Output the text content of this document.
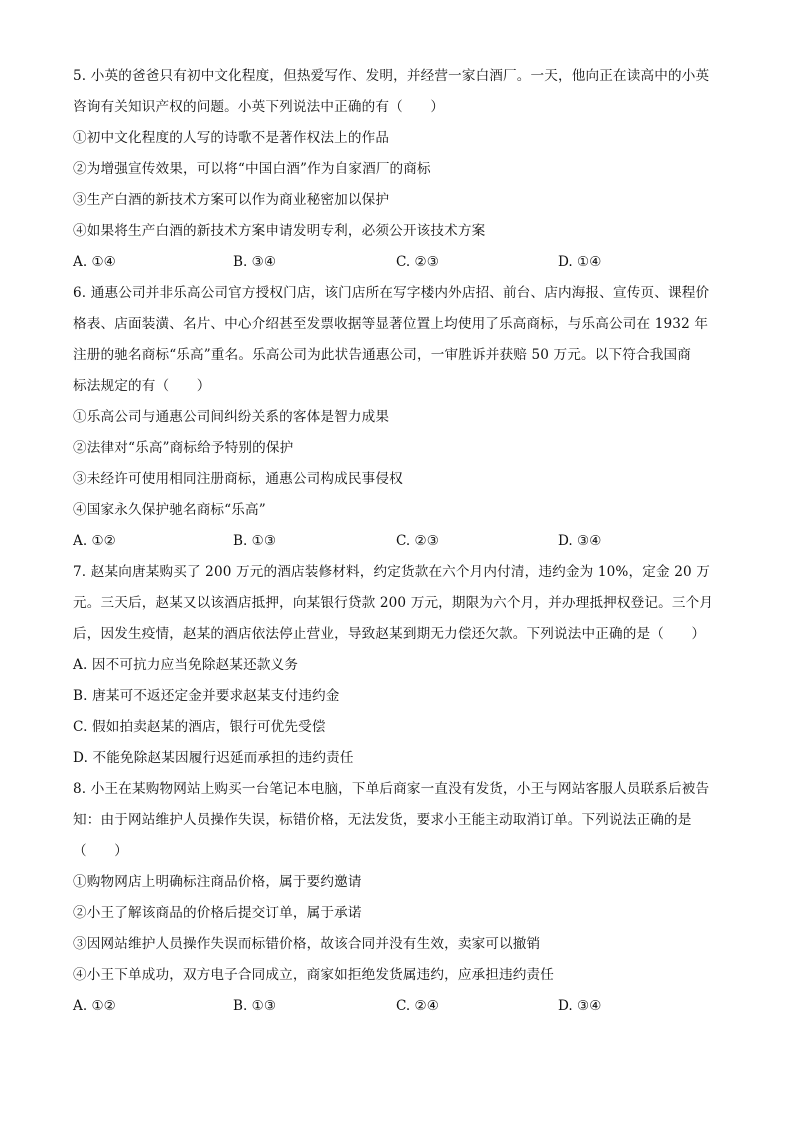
5. 小英的爸爸只有初中文化程度，但热爱写作、发明，并经营一家白酒厂。一天，他向正在读高中的小英
咨询有关知识产权的问题。小英下列说法中正确的有（　　）
①初中文化程度的人写的诗歌不是著作权法上的作品
②为增强宣传效果，可以将“中国白酒”作为自家酒厂的商标
③生产白酒的新技术方案可以作为商业秘密加以保护
④如果将生产白酒的新技术方案申请发明专利，必须公开该技术方案
A. ①④	B. ③④	C. ②③	D. ①④
6. 通惠公司并非乐高公司官方授权门店，该门店所在写字楼内外店招、前台、店内海报、宣传页、课程价
格表、店面装潢、名片、中心介绍甚至发票收据等显著位置上均使用了乐高商标，与乐高公司在 1932 年
注册的驰名商标“乐高”重名。乐高公司为此状告通惠公司，一审胜诉并获赔 50 万元。以下符合我国商
标法规定的有（　　）
①乐高公司与通惠公司间纠纷关系的客体是智力成果
②法律对“乐高”商标给予特别的保护
③未经许可使用相同注册商标，通惠公司构成民事侵权
④国家永久保护驰名商标“乐高”
A. ①②	B. ①③	C. ②③	D. ③④
7. 赵某向唐某购买了 200 万元的酒店装修材料，约定货款在六个月内付清，违约金为 10%，定金 20 万
元。三天后，赵某又以该酒店抵押，向某银行贷款 200 万元，期限为六个月，并办理抵押权登记。三个月
后，因发生疫情，赵某的酒店依法停止营业，导致赵某到期无力偿还欠款。下列说法中正确的是（　　）
A. 因不可抗力应当免除赵某还款义务
B. 唐某可不返还定金并要求赵某支付违约金
C. 假如拍卖赵某的酒店，银行可优先受偿
D. 不能免除赵某因履行迟延而承担的违约责任
8. 小王在某购物网站上购买一台笔记本电脑，下单后商家一直没有发货，小王与网站客服人员联系后被告
知：由于网站维护人员操作失误，标错价格，无法发货，要求小王能主动取消订单。下列说法正确的是
（　　）
①购物网店上明确标注商品价格，属于要约邀请
②小王了解该商品的价格后提交订单，属于承诺
③因网站维护人员操作失误而标错价格，故该合同并没有生效，卖家可以撤销
④小王下单成功，双方电子合同成立，商家如拒绝发货属违约，应承担违约责任
A. ①②	B. ①③	C. ②④	D. ③④
